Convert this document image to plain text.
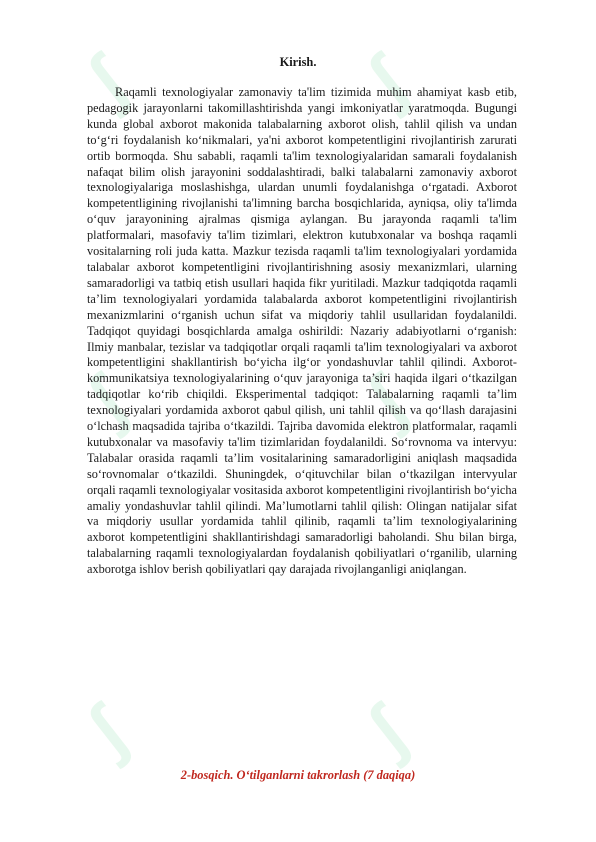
ʃ	ʃ
ʃ	ʃ
ʃ	ʃ
Kirish.

Raqamli texnologiyalar zamonaviy ta'lim tizimida muhim ahamiyat kasb etib, pedagogik jarayonlarni takomillashtirishda yangi imkoniyatlar yaratmoqda. Bugungi kunda global axborot makonida talabalarning axborot olish, tahlil qilish va undan to‘g‘ri foydalanish ko‘nikmalari, ya'ni axborot kompetentligini rivojlantirish zarurati ortib bormoqda. Shu sababli, raqamli ta'lim texnologiyalaridan samarali foydalanish nafaqat bilim olish jarayonini soddalashtiradi, balki talabalarni zamonaviy axborot texnologiyalariga moslashishga, ulardan unumli foydalanishga o‘rgatadi. Axborot kompetentligining rivojlanishi ta'limning barcha bosqichlarida, ayniqsa, oliy ta'limda o‘quv jarayonining ajralmas qismiga aylangan. Bu jarayonda raqamli ta'lim platformalari, masofaviy ta'lim tizimlari, elektron kutubxonalar va boshqa raqamli vositalarning roli juda katta. Mazkur tezisda raqamli ta'lim texnologiyalari yordamida talabalar axborot kompetentligini rivojlantirishning asosiy mexanizmlari, ularning samaradorligi va tatbiq etish usullari haqida fikr yuritiladi. Mazkur tadqiqotda raqamli taʼlim texnologiyalari yordamida talabalarda axborot kompetentligini rivojlantirish mexanizmlarini o‘rganish uchun sifat va miqdoriy tahlil usullaridan foydalanildi. Tadqiqot quyidagi bosqichlarda amalga oshirildi: Nazariy adabiyotlarni o‘rganish: Ilmiy manbalar, tezislar va tadqiqotlar orqali raqamli ta'lim texnologiyalari va axborot kompetentligini shakllantirish bo‘yicha ilg‘or yondashuvlar tahlil qilindi. Axborot-kommunikatsiya texnologiyalarining o‘quv jarayoniga ta’siri haqida ilgari o‘tkazilgan tadqiqotlar ko‘rib chiqildi. Eksperimental tadqiqot: Talabalarning raqamli ta’lim texnologiyalari yordamida axborot qabul qilish, uni tahlil qilish va qo‘llash darajasini o‘lchash maqsadida tajriba o‘tkazildi. Tajriba davomida elektron platformalar, raqamli kutubxonalar va masofaviy ta'lim tizimlaridan foydalanildi. So‘rovnoma va intervyu: Talabalar orasida raqamli ta’lim vositalarining samaradorligini aniqlash maqsadida so‘rovnomalar o‘tkazildi. Shuningdek, o‘qituvchilar bilan o‘tkazilgan intervyular orqali raqamli texnologiyalar vositasida axborot kompetentligini rivojlantirish bo‘yicha amaliy yondashuvlar tahlil qilindi. Ma’lumotlarni tahlil qilish: Olingan natijalar sifat va miqdoriy usullar yordamida tahlil qilinib, raqamli ta’lim texnologiyalarining axborot kompetentligini shakllantirishdagi samaradorligi baholandi. Shu bilan birga, talabalarning raqamli texnologiyalardan foydalanish qobiliyatlari o‘rganilib, ularning axborotga ishlov berish qobiliyatlari qay darajada rivojlanganligi aniqlangan.

2-bosqich. O‘tilganlarni takrorlash (7 daqiqa)
